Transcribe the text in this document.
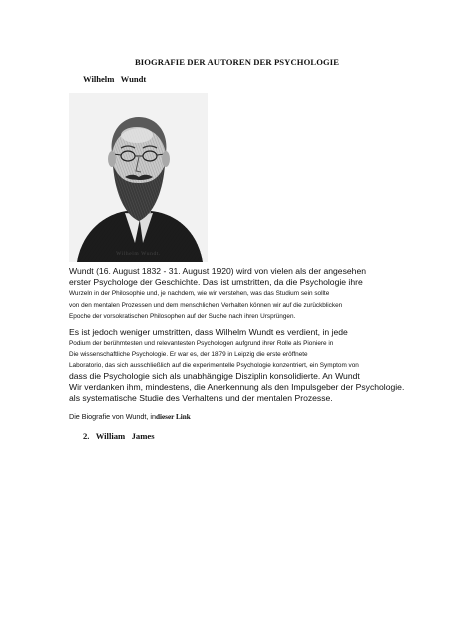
BIOGRAFIE DER AUTOREN DER PSYCHOLOGIE
Wilhelm   Wundt
Wilhelm Wundt.
Wundt (16. August 1832 - 31. August 1920) wird von vielen als der angesehen
erster Psychologe der Geschichte. Das ist umstritten, da die Psychologie ihre
Wurzeln in der Philosophie und, je nachdem, wie wir verstehen, was das Studium sein sollte
von den mentalen Prozessen und dem menschlichen Verhalten können wir auf die zurückblicken
Epoche der vorsokratischen Philosophen auf der Suche nach ihren Ursprüngen.
Es ist jedoch weniger umstritten, dass Wilhelm Wundt es verdient, in jede
Podium der berühmtesten und relevantesten Psychologen aufgrund ihrer Rolle als Pioniere in
Die wissenschaftliche Psychologie. Er war es, der 1879 in Leipzig die erste eröffnete
Laboratorio, das sich ausschließlich auf die experimentelle Psychologie konzentriert, ein Symptom von
dass die Psychologie sich als unabhängige Disziplin konsolidierte. An Wundt
Wir verdanken ihm, mindestens, die Anerkennung als den Impulsgeber der Psychologie.
als systematische Studie des Verhaltens und der mentalen Prozesse.
Die Biografie von Wundt, indieser Link
2.   William   James
